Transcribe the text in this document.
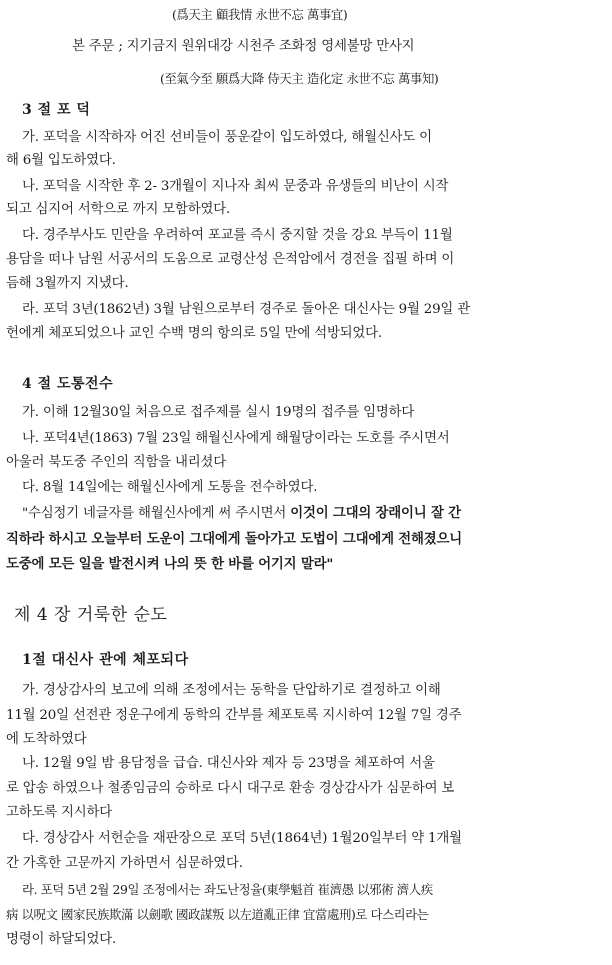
(爲天主 顧我情 永世不忘 萬事宜)
본 주문 ; 지기금지 원위대강 시천주 조화정 영세불망 만사지
(至氣今至 願爲大降 侍天主 造化定 永世不忘 萬事知)
3 절 포 덕
가. 포덕을 시작하자 어진 선비들이 풍운같이 입도하였다, 해월신사도 이
해 6월 입도하였다.
나. 포덕을 시작한 후 2- 3개월이 지나자 최씨 문중과 유생들의 비난이 시작
되고 심지어 서학으로 까지 모함하였다.
다. 경주부사도 민란을 우려하여 포교를 즉시 중지할 것을 강요 부득이 11월
용담을 떠나 남원 서공서의 도움으로 교령산성 은적암에서 경전을 집필 하며 이
듬해 3월까지 지냈다.
라. 포덕 3년(1862년) 3월 남원으로부터 경주로 돌아온 대신사는 9월 29일 관
헌에게 체포되었으나 교인 수백 명의 항의로 5일 만에 석방되었다.
4 절 도통전수
가. 이해 12월30일 처음으로 접주제를 실시 19명의 접주를 임명하다
나. 포덕4년(1863) 7월 23일 해월신사에게 해월당이라는 도호를 주시면서
아울러 북도중 주인의 직함을 내리셨다
다. 8월 14일에는 해월신사에게 도통을 전수하였다.
"수심정기 네글자를 해월신사에게 써 주시면서 이것이 그대의 장래이니 잘 간
직하라 하시고 오늘부터 도운이 그대에게 돌아가고 도법이 그대에게 전해졌으니
도중에 모든 일을 발전시켜 나의 뜻 한 바를 어기지 말라"
제 4 장 거룩한 순도
1절 대신사 관에 체포되다
가. 경상감사의 보고에 의해 조정에서는 동학을 단압하기로 결정하고 이해
11월 20일 선전관 정운구에게 동학의 간부를 체포토록 지시하여 12월 7일 경주
에 도착하였다
나. 12월 9일 밤 용담정을 급습. 대신사와 제자 등 23명을 체포하여 서울
로 압송 하였으나 철종임금의 승하로 다시 대구로 환송 경상감사가 심문하여 보
고하도록 지시하다
다. 경상감사 서헌순을 재판장으로 포덕 5년(1864년) 1월20일부터 약 1개월
간 가혹한 고문까지 가하면서 심문하였다.
라. 포덕 5년 2월 29일 조정에서는 좌도난정율(東學魁首 崔濟愚 以邪術 濟人疾
病 以呪文 國家民族欺滿 以劍歌 國政謀叛 以左道亂正律 宜當處刑)로 다스리라는
명령이 하달되었다.
